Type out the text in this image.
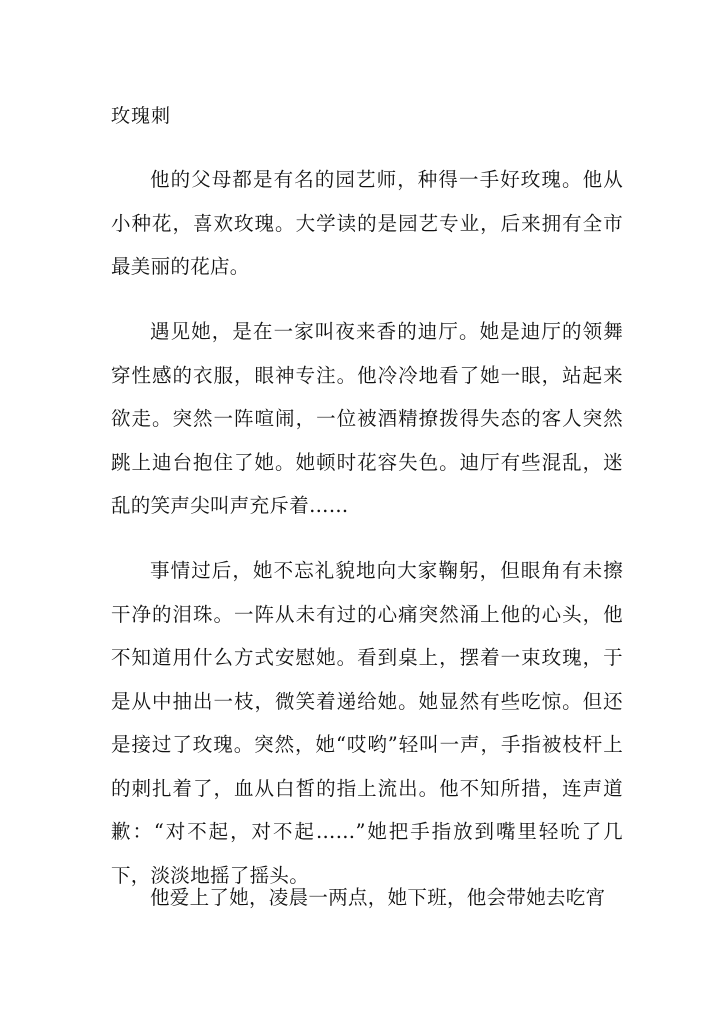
玫瑰刺

他的父母都是有名的园艺师，种得一手好玫瑰。他从小种花，喜欢玫瑰。大学读的是园艺专业，后来拥有全市最美丽的花店。

遇见她，是在一家叫夜来香的迪厅。她是迪厅的领舞穿性感的衣服，眼神专注。他冷冷地看了她一眼，站起来欲走。突然一阵喧闹，一位被酒精撩拨得失态的客人突然跳上迪台抱住了她。她顿时花容失色。迪厅有些混乱，迷乱的笑声尖叫声充斥着……

事情过后，她不忘礼貌地向大家鞠躬，但眼角有未擦干净的泪珠。一阵从未有过的心痛突然涌上他的心头，他不知道用什么方式安慰她。看到桌上，摆着一束玫瑰，于是从中抽出一枝，微笑着递给她。她显然有些吃惊。但还是接过了玫瑰。突然，她“哎哟”轻叫一声，手指被枝杆上的刺扎着了，血从白皙的指上流出。他不知所措，连声道歉：“对不起，对不起……”她把手指放到嘴里轻吮了几下，淡淡地摇了摇头。

他爱上了她，凌晨一两点，她下班，他会带她去吃宵
